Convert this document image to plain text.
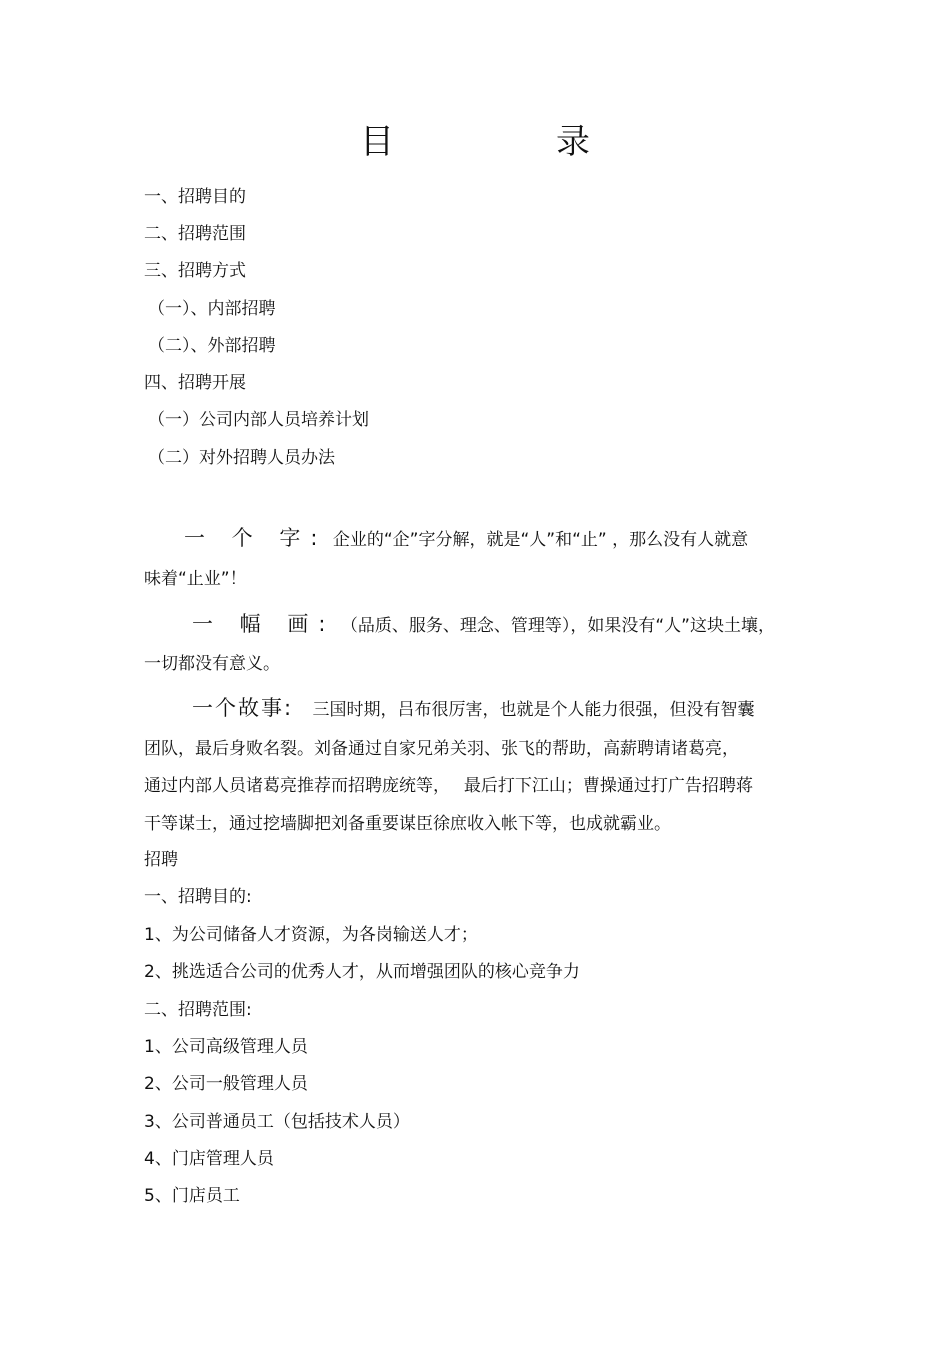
目　录
一、招聘目的
二、招聘范围
三、招聘方式
（一）、内部招聘
（二）、外部招聘
四、招聘开展
（一）公司内部人员培养计划
（二）对外招聘人员办法
一 个 字: 企业的“企”字分解，就是“人”和“止” ，那么没有人就意
味着“止业”！
一 幅 画: （品质、服务、理念、管理等），如果没有“人”这块土壤，
一切都没有意义。
一个故事: 三国时期，吕布很厉害，也就是个人能力很强，但没有智囊
团队，最后身败名裂。刘备通过自家兄弟关羽、张飞的帮助，高薪聘请诸葛亮，
通过内部人员诸葛亮推荐而招聘庞统等，　 最后打下江山；曹操通过打广告招聘蒋
干等谋士，通过挖墙脚把刘备重要谋臣徐庶收入帐下等，也成就霸业。
招聘
一、招聘目的:
1、为公司储备人才资源，为各岗输送人才；
2、挑选适合公司的优秀人才，从而增强团队的核心竞争力
二、招聘范围:
1、公司高级管理人员
2、公司一般管理人员
3、公司普通员工（包括技术人员）
4、门店管理人员
5、门店员工
